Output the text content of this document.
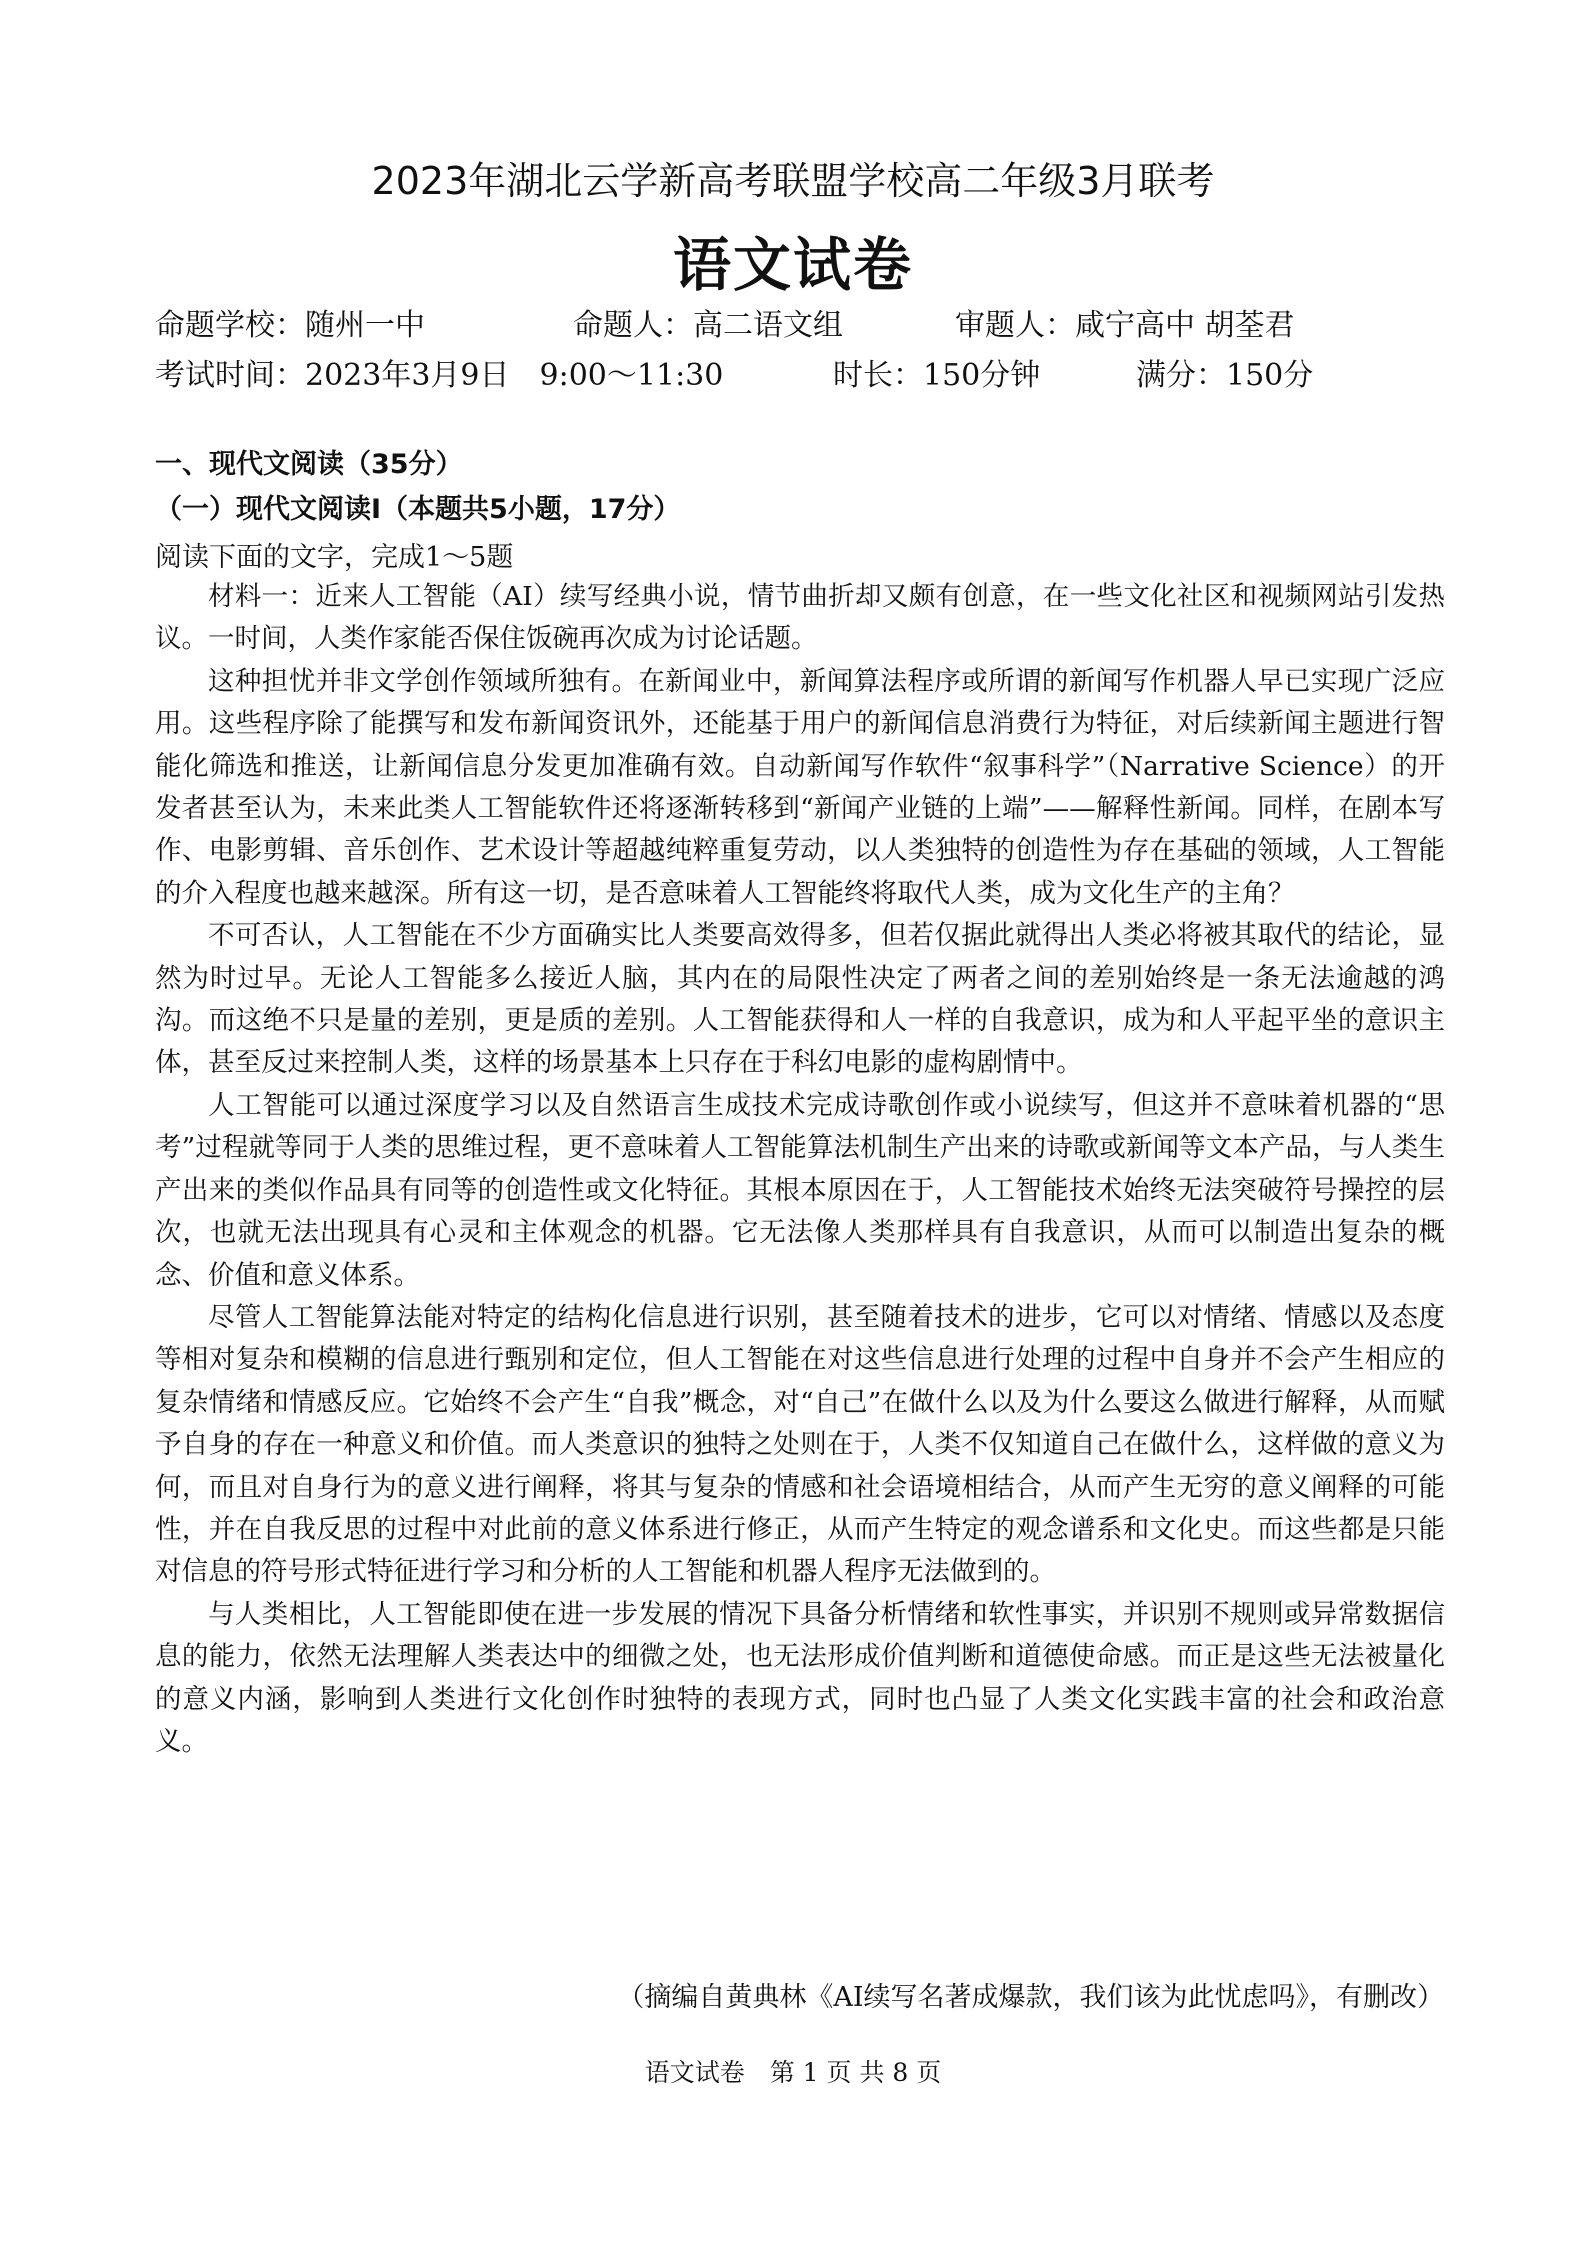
2023年湖北云学新高考联盟学校高二年级3月联考
语文试卷
命题学校：随州一中	命题人：高二语文组	审题人：咸宁高中 胡荃君
考试时间：2023年3月9日　9:00～11:30	时长：150分钟	满分：150分
一、现代文阅读（35分）
（一）现代文阅读Ⅰ（本题共5小题，17分）
阅读下面的文字，完成1～5题

材料一：近来人工智能（AI）续写经典小说，情节曲折却又颇有创意，在一些文化社区和视频网站引发热议。一时间，人类作家能否保住饭碗再次成为讨论话题。

这种担忧并非文学创作领域所独有。在新闻业中，新闻算法程序或所谓的新闻写作机器人早已实现广泛应用。这些程序除了能撰写和发布新闻资讯外，还能基于用户的新闻信息消费行为特征，对后续新闻主题进行智能化筛选和推送，让新闻信息分发更加准确有效。自动新闻写作软件“叙事科学”（Narrative Science）的开发者甚至认为，未来此类人工智能软件还将逐渐转移到“新闻产业链的上端”——解释性新闻。同样，在剧本写作、电影剪辑、音乐创作、艺术设计等超越纯粹重复劳动，以人类独特的创造性为存在基础的领域，人工智能的介入程度也越来越深。所有这一切，是否意味着人工智能终将取代人类，成为文化生产的主角？

不可否认，人工智能在不少方面确实比人类要高效得多，但若仅据此就得出人类必将被其取代的结论，显然为时过早。无论人工智能多么接近人脑，其内在的局限性决定了两者之间的差别始终是一条无法逾越的鸿沟。而这绝不只是量的差别，更是质的差别。人工智能获得和人一样的自我意识，成为和人平起平坐的意识主体，甚至反过来控制人类，这样的场景基本上只存在于科幻电影的虚构剧情中。

人工智能可以通过深度学习以及自然语言生成技术完成诗歌创作或小说续写，但这并不意味着机器的“思考”过程就等同于人类的思维过程，更不意味着人工智能算法机制生产出来的诗歌或新闻等文本产品，与人类生产出来的类似作品具有同等的创造性或文化特征。其根本原因在于，人工智能技术始终无法突破符号操控的层次，也就无法出现具有心灵和主体观念的机器。它无法像人类那样具有自我意识，从而可以制造出复杂的概念、价值和意义体系。

尽管人工智能算法能对特定的结构化信息进行识别，甚至随着技术的进步，它可以对情绪、情感以及态度等相对复杂和模糊的信息进行甄别和定位，但人工智能在对这些信息进行处理的过程中自身并不会产生相应的复杂情绪和情感反应。它始终不会产生“自我”概念，对“自己”在做什么以及为什么要这么做进行解释，从而赋予自身的存在一种意义和价值。而人类意识的独特之处则在于，人类不仅知道自己在做什么，这样做的意义为何，而且对自身行为的意义进行阐释，将其与复杂的情感和社会语境相结合，从而产生无穷的意义阐释的可能性，并在自我反思的过程中对此前的意义体系进行修正，从而产生特定的观念谱系和文化史。而这些都是只能对信息的符号形式特征进行学习和分析的人工智能和机器人程序无法做到的。

与人类相比，人工智能即使在进一步发展的情况下具备分析情绪和软性事实，并识别不规则或异常数据信息的能力，依然无法理解人类表达中的细微之处，也无法形成价值判断和道德使命感。而正是这些无法被量化的意义内涵，影响到人类进行文化创作时独特的表现方式，同时也凸显了人类文化实践丰富的社会和政治意义。

（摘编自黄典林《AI续写名著成爆款，我们该为此忧虑吗》，有删改）
语文试卷　第 1 页 共 8 页
